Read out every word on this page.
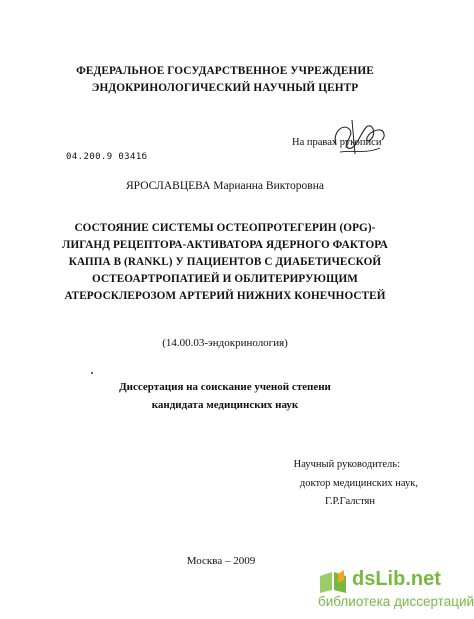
ФЕДЕРАЛЬНОЕ ГОСУДАРСТВЕННОЕ УЧРЕЖДЕНИЕ
ЭНДОКРИНОЛОГИЧЕСКИЙ НАУЧНЫЙ ЦЕНТР
На правах рукописи
04.200.9 0341б
ЯРОСЛАВЦЕВА Марианна Викторовна
СОСТОЯНИЕ СИСТЕМЫ ОСТЕОПРОТЕГЕРИН (OPG)-
ЛИГАНД РЕЦЕПТОРА-АКТИВАТОРА ЯДЕРНОГО ФАКТОРА
КАППА В (RANKL) У ПАЦИЕНТОВ С ДИАБЕТИЧЕСКОЙ
ОСТЕОАРТРОПАТИЕЙ И ОБЛИТЕРИРУЮЩИМ
АТЕРОСКЛЕРОЗОМ АРТЕРИЙ НИЖНИХ КОНЕЧНОСТЕЙ
(14.00.03-эндокринология)
Диссертация на соискание ученой степени
кандидата медицинских наук
Научный руководитель:
доктор медицинских наук,
Г.Р.Галстян
Москва – 2009
dsLib.net
библиотека диссертаций
